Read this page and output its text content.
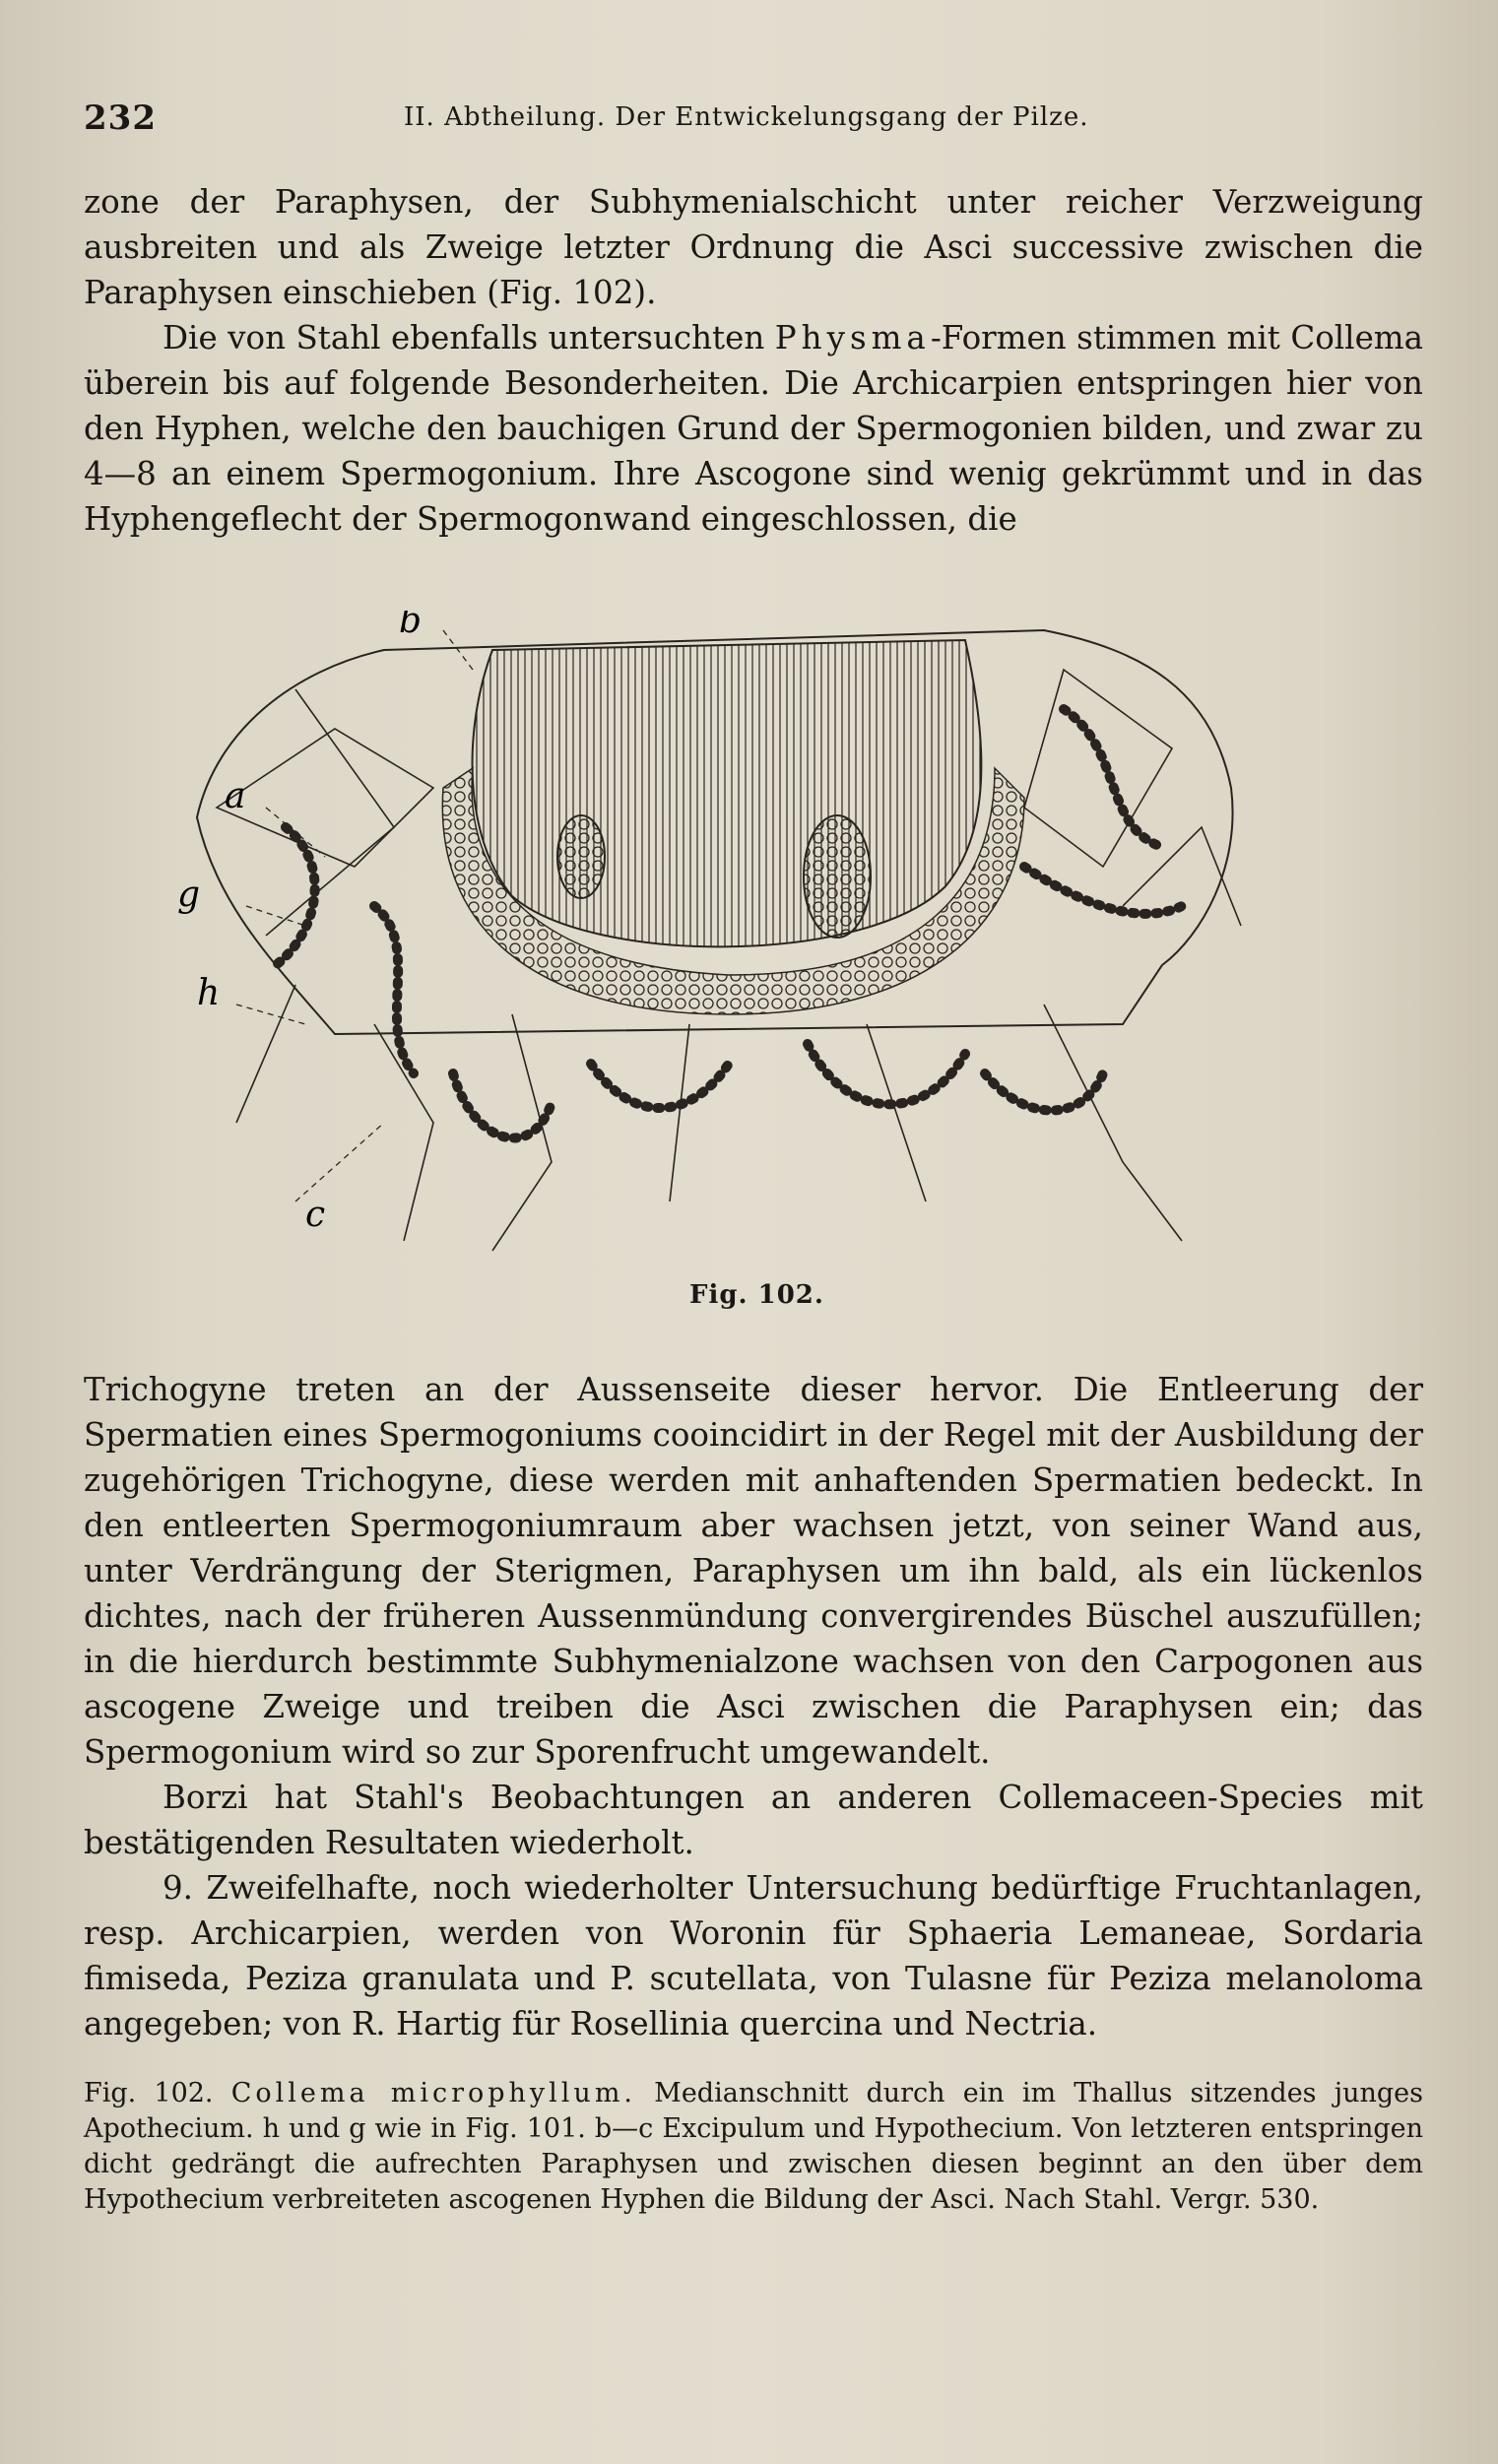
232	II. Abtheilung. Der Entwickelungsgang der Pilze.

zone der Paraphysen, der Subhymenialschicht unter reicher Verzweigung ausbreiten und als Zweige letzter Ordnung die Asci successive zwischen die Paraphysen einschieben (Fig. 102).

Die von Stahl ebenfalls untersuchten Physma-Formen stimmen mit Collema überein bis auf folgende Besonderheiten. Die Archicarpien entspringen hier von den Hyphen, welche den bauchigen Grund der Spermogonien bilden, und zwar zu 4—8 an einem Spermogonium. Ihre Ascogone sind wenig gekrümmt und in das Hyphengeflecht der Spermogonwand eingeschlossen, die

a
b
g
h
c
Fig. 102.

Trichogyne treten an der Aussenseite dieser hervor. Die Entleerung der Spermatien eines Spermogoniums cooincidirt in der Regel mit der Ausbildung der zugehörigen Trichogyne, diese werden mit anhaftenden Spermatien bedeckt. In den entleerten Spermogoniumraum aber wachsen jetzt, von seiner Wand aus, unter Verdrängung der Sterigmen, Paraphysen um ihn bald, als ein lückenlos dichtes, nach der früheren Aussenmündung convergirendes Büschel auszufüllen; in die hierdurch bestimmte Subhymenialzone wachsen von den Carpogonen aus ascogene Zweige und treiben die Asci zwischen die Paraphysen ein; das Spermogonium wird so zur Sporenfrucht umgewandelt.

Borzi hat Stahl's Beobachtungen an anderen Collemaceen-Species mit bestätigenden Resultaten wiederholt.

9. Zweifelhafte, noch wiederholter Untersuchung bedürftige Fruchtanlagen, resp. Archicarpien, werden von Woronin für Sphaeria Lemaneae, Sordaria fimiseda, Peziza granulata und P. scutellata, von Tulasne für Peziza melanoloma angegeben; von R. Hartig für Rosellinia quercina und Nectria.

Fig. 102. Collema microphyllum. Medianschnitt durch ein im Thallus sitzendes junges Apothecium. h und g wie in Fig. 101. b—c Excipulum und Hypothecium. Von letzteren entspringen dicht gedrängt die aufrechten Paraphysen und zwischen diesen beginnt an den über dem Hypothecium verbreiteten ascogenen Hyphen die Bildung der Asci. Nach Stahl. Vergr. 530.
